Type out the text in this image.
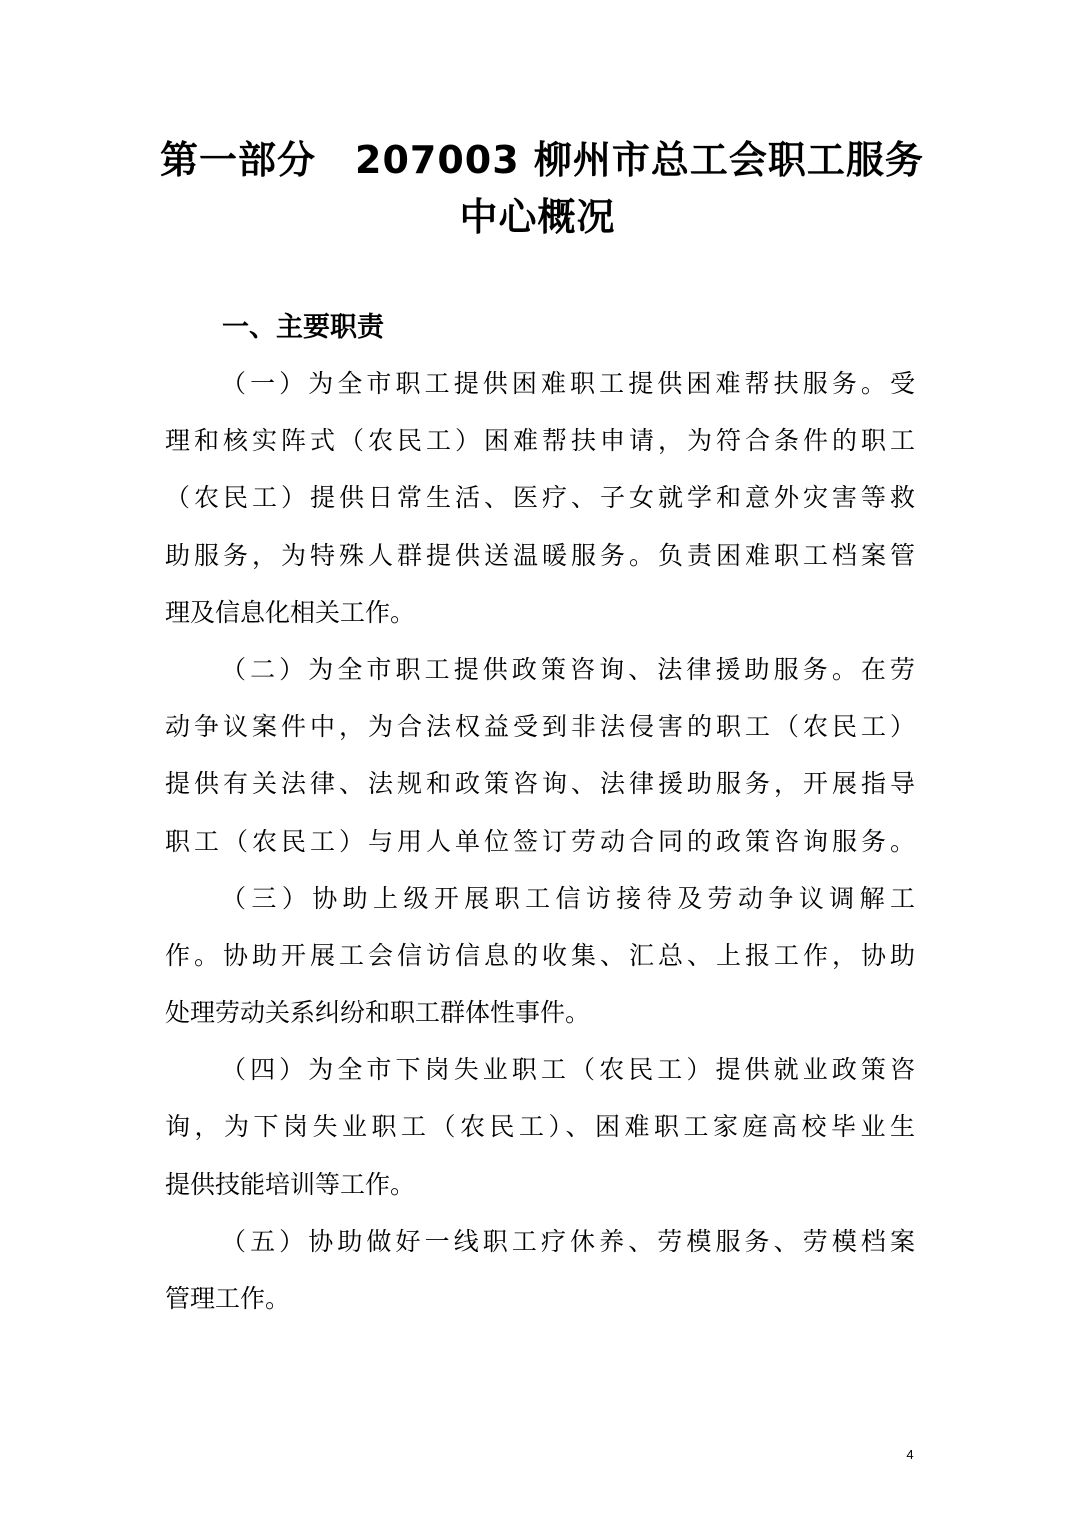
第一部分　207003 柳州市总工会职工服务
中心概况
一、主要职责
（一）为全市职工提供困难职工提供困难帮扶服务。受
理和核实阵式（农民工）困难帮扶申请，为符合条件的职工
（农民工）提供日常生活、医疗、子女就学和意外灾害等救
助服务，为特殊人群提供送温暖服务。负责困难职工档案管
理及信息化相关工作。
（二）为全市职工提供政策咨询、法律援助服务。在劳
动争议案件中，为合法权益受到非法侵害的职工（农民工）
提供有关法律、法规和政策咨询、法律援助服务，开展指导
职工（农民工）与用人单位签订劳动合同的政策咨询服务。
（三）协助上级开展职工信访接待及劳动争议调解工
作。协助开展工会信访信息的收集、汇总、上报工作，协助
处理劳动关系纠纷和职工群体性事件。
（四）为全市下岗失业职工（农民工）提供就业政策咨
询，为下岗失业职工（农民工）、困难职工家庭高校毕业生
提供技能培训等工作。
（五）协助做好一线职工疗休养、劳模服务、劳模档案
管理工作。
4
